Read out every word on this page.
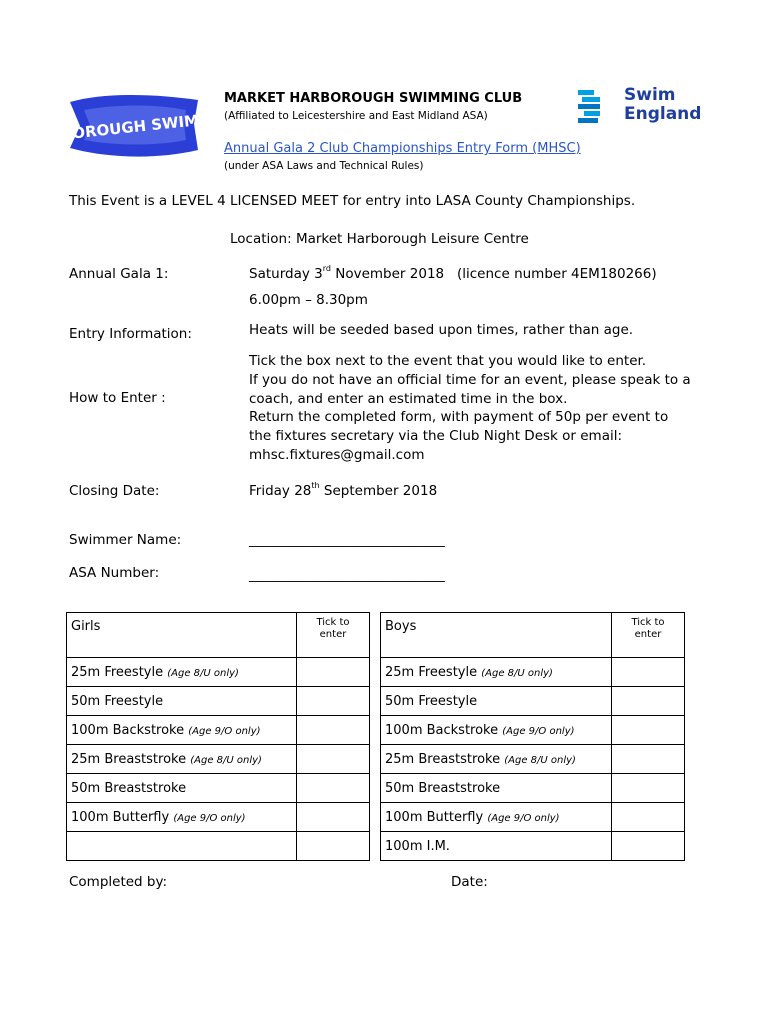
HARBOROUGH SWIMCLUB
MARKET HARBOROUGH SWIMMING CLUB
(Affiliated to Leicestershire and East Midland ASA)
Annual Gala 2 Club Championships Entry Form (MHSC)
(under ASA Laws and Technical Rules)
Swim
England
This Event is a LEVEL 4 LICENSED MEET for entry into LASA County Championships.
Location: Market Harborough Leisure Centre
Annual Gala 1:	Saturday 3rd November 2018   (licence number 4EM180266)
6.00pm – 8.30pm
Entry Information:	Heats will be seeded based upon times, rather than age.
How to Enter :
Tick the box next to the event that you would like to enter.
If you do not have an official time for an event, please speak to a
coach, and enter an estimated time in the box.
Return the completed form, with payment of 50p per event to
the fixtures secretary via the Club Night Desk or email:
mhsc.fixtures@gmail.com
Closing Date:	Friday 28th September 2018
Swimmer Name:	_____________________________
ASA Number:	_____________________________
Girls	Tick to
enter

25m Freestyle (Age 8/U only)	
50m Freestyle	
100m Backstroke (Age 9/O only)	
25m Breaststroke (Age 8/U only)	
50m Breaststroke	
100m Butterfly (Age 9/O only)	

Boys	Tick to
enter

25m Freestyle (Age 8/U only)	
50m Freestyle	
100m Backstroke (Age 9/O only)	
25m Breaststroke (Age 8/U only)	
50m Breaststroke	
100m Butterfly (Age 9/O only)	
100m I.M.	
Completed by:	Date:
